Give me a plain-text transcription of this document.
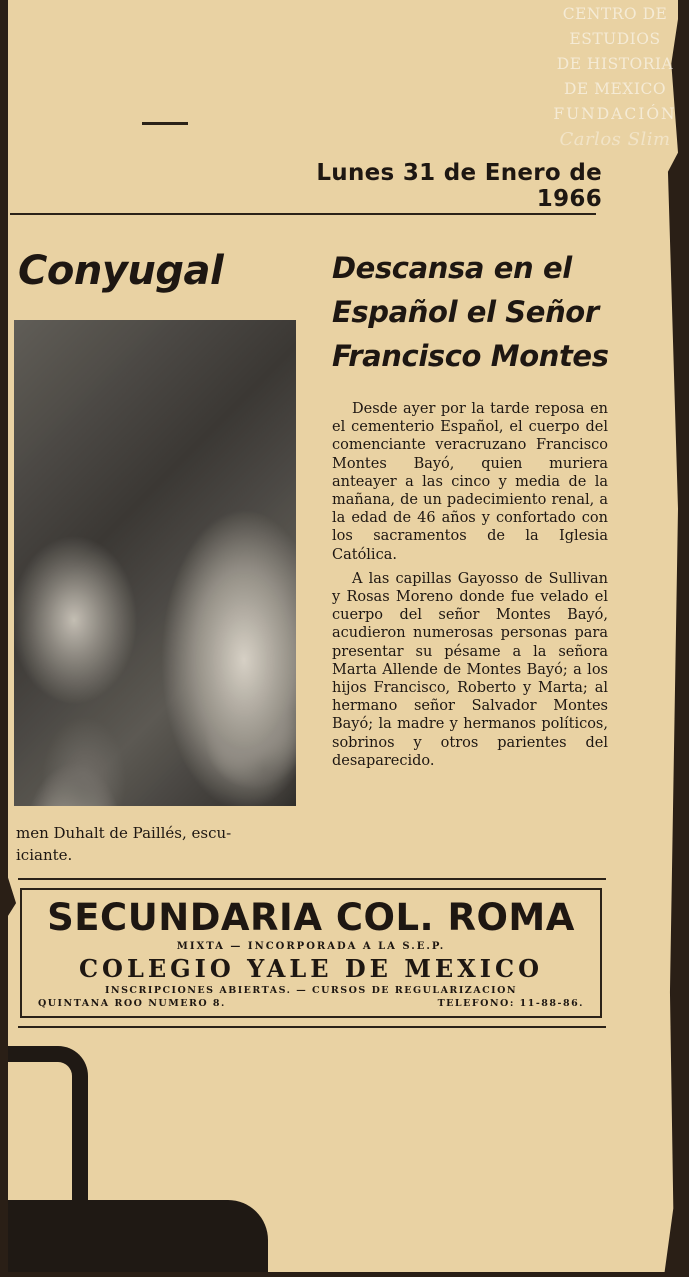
CENTRO DE
ESTUDIOS
DE HISTORIA
DE MEXICO
FUNDACIÓN
Carlos Slim
Lunes 31 de Enero de 1966
Conyugal
men Duhalt de Paillés, escu-
iciante.
Descansa en el
Español el Señor
Francisco Montes

Desde ayer por la tarde reposa en el cementerio Español, el cuerpo del comenciante veracruzano Francisco Montes Bayó, quien muriera anteayer a las cinco y media de la mañana, de un padecimiento renal, a la edad de 46 años y confortado con los sacramentos de la Iglesia Católica.

A las capillas Gayosso de Sullivan y Rosas Moreno donde fue velado el cuerpo del señor Montes Bayó, acudieron numerosas personas para presentar su pésame a la señora Marta Allende de Montes Bayó; a los hijos Francisco, Roberto y Marta; al hermano señor Salvador Montes Bayó; la madre y hermanos políticos, sobrinos y otros parientes del desaparecido.

SECUNDARIA COL. ROMA
MIXTA — INCORPORADA A LA S.E.P.
COLEGIO YALE DE MEXICO
INSCRIPCIONES ABIERTAS. — CURSOS DE REGULARIZACION
QUINTANA ROO NUMERO 8.	TELEFONO: 11-88-86.
